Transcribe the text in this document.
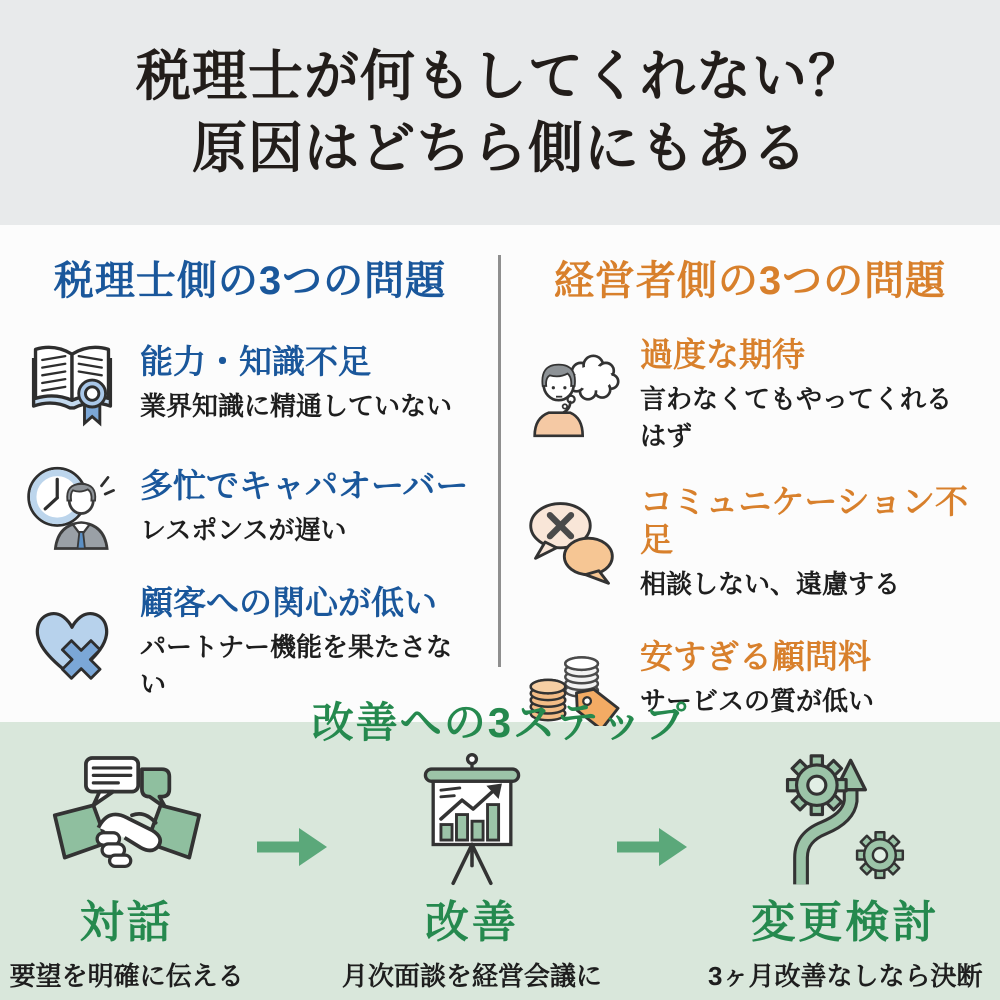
税理士が何もしてくれない？
原因はどちら側にもある
税理士側の3つの問題
能力・知識不足
業界知識に精通していない
多忙でキャパオーバー
レスポンスが遅い
顧客への関心が低い
パートナー機能を果たさない
経営者側の3つの問題
過度な期待
言わなくてもやってくれるはず
コミュニケーション不足
相談しない、遠慮する
安すぎる顧問料
サービスの質が低い
改善への3ステップ
対話
要望を明確に伝える
改善
月次面談を経営会議に
変更検討
3ヶ月改善なしなら決断
